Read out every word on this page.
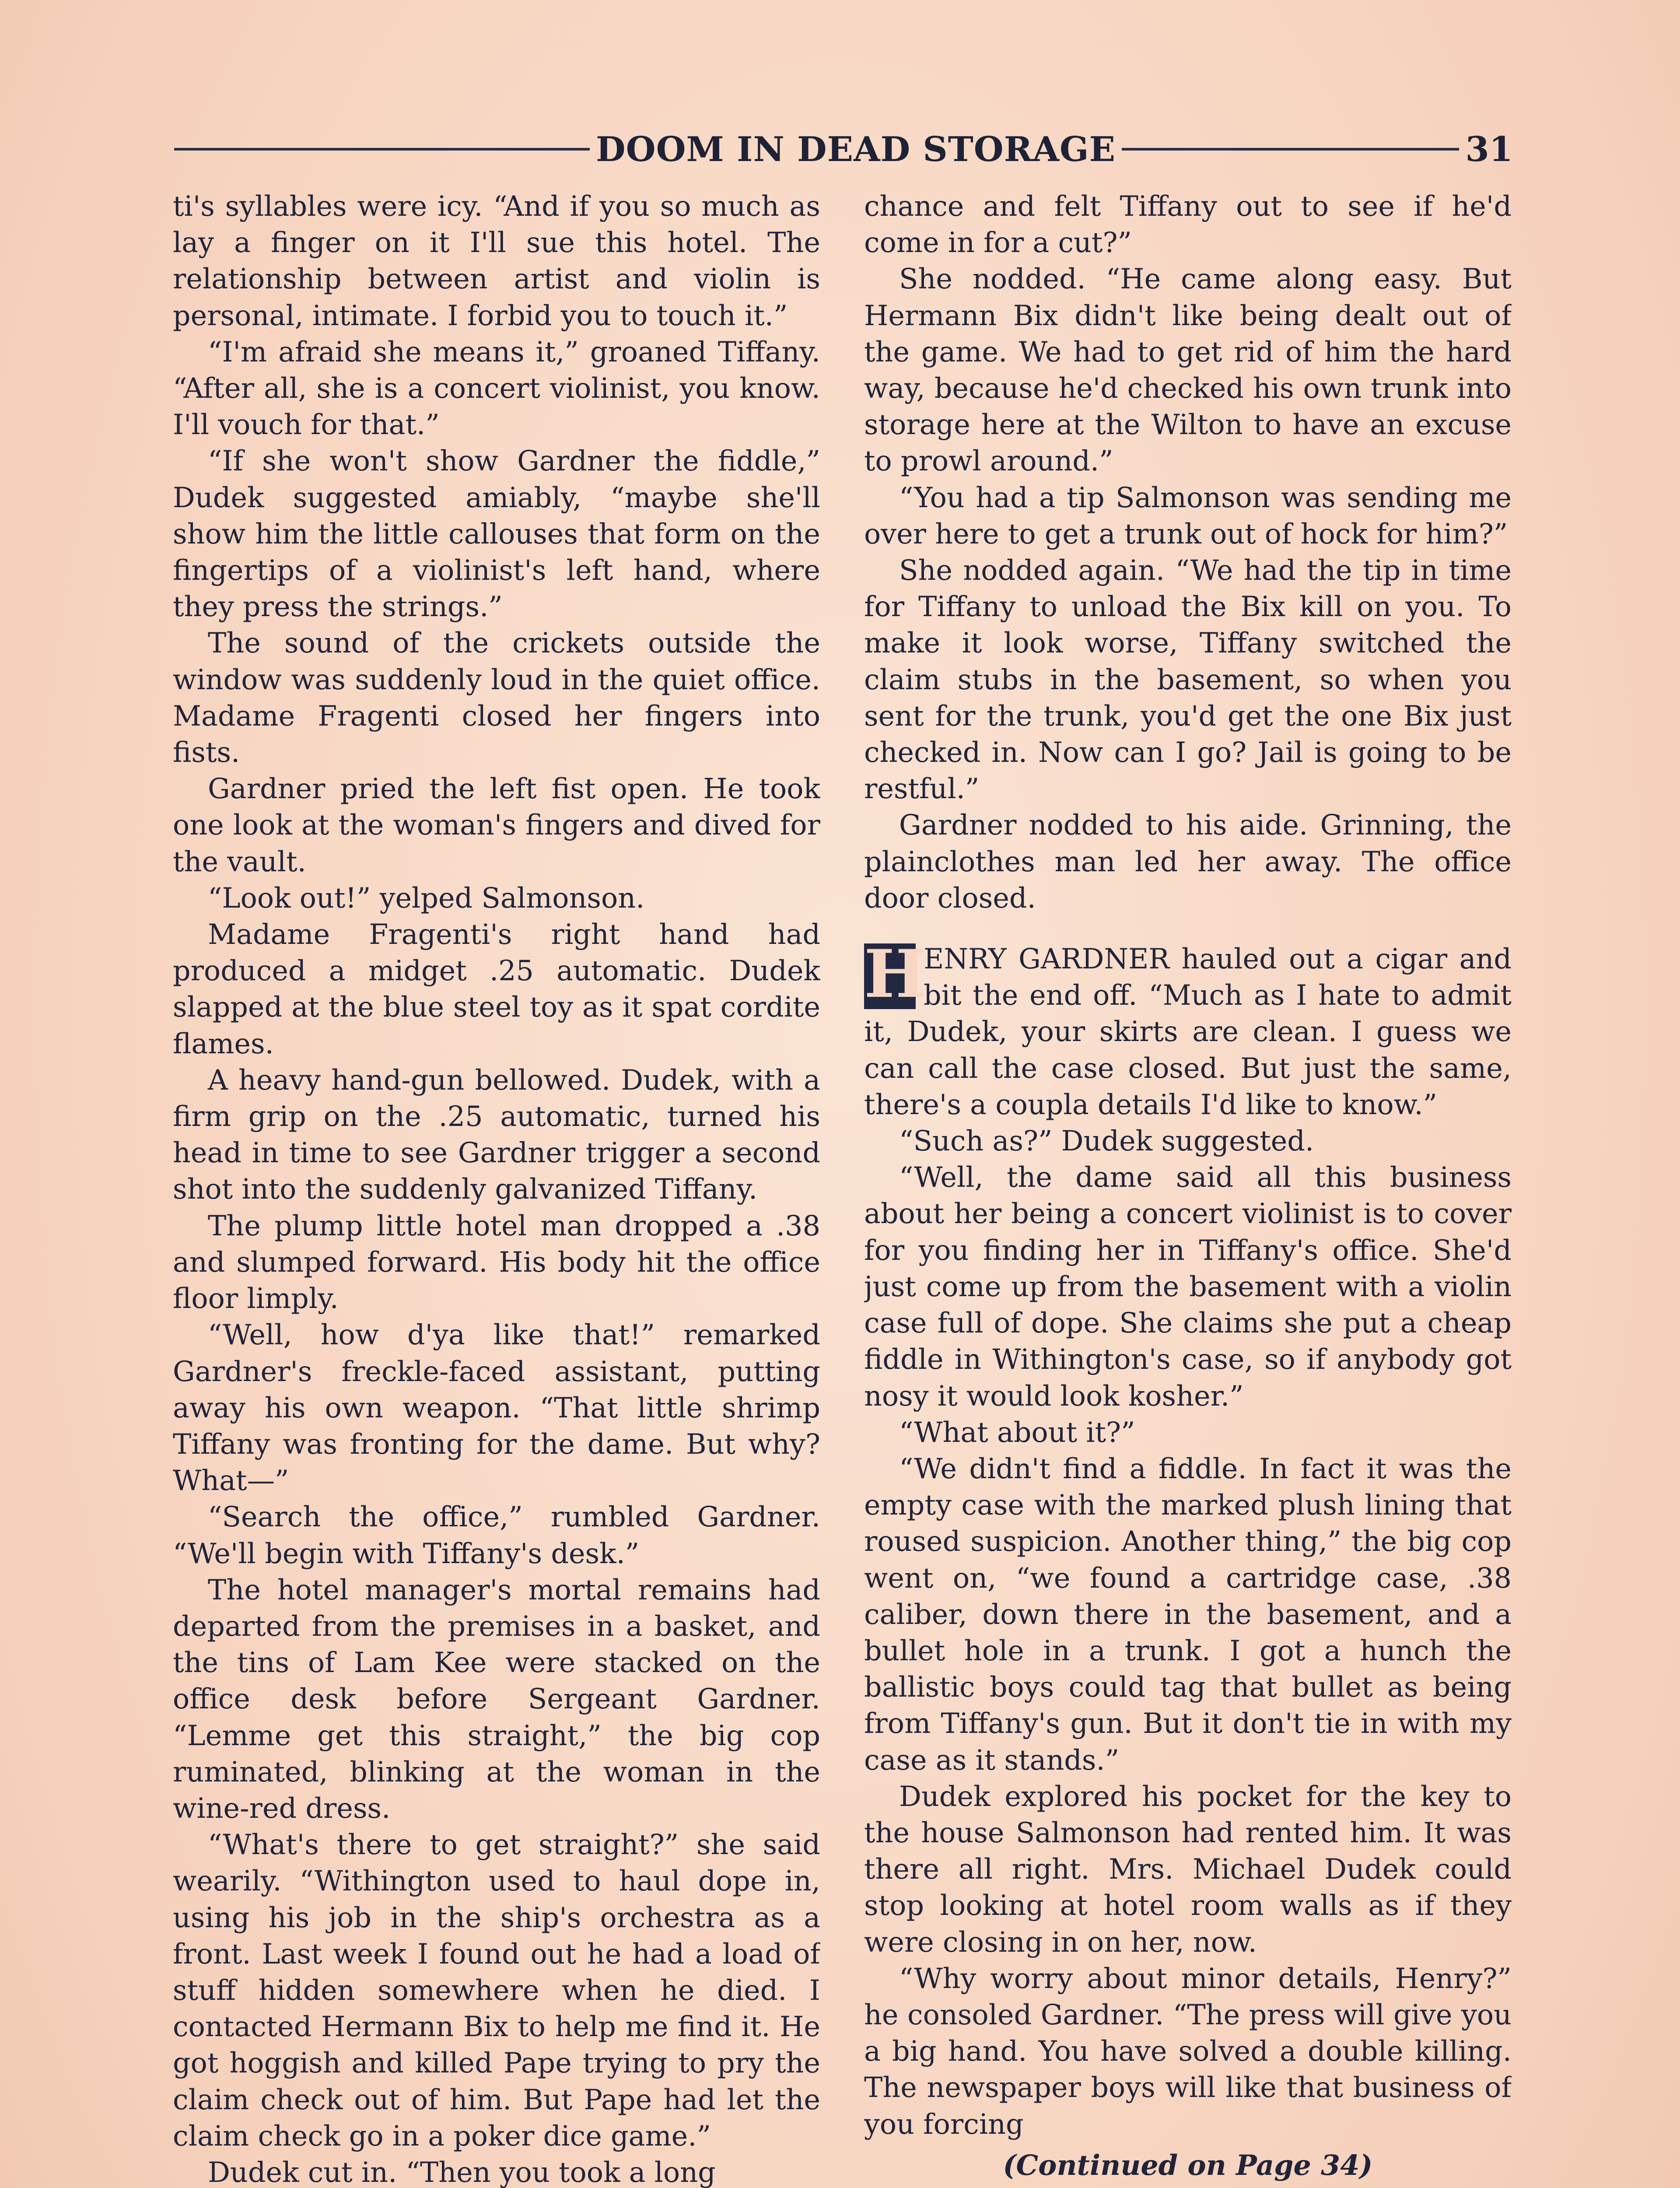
DOOM IN DEAD STORAGE	31

ti's syllables were icy. “And if you so much as lay a finger on it I'll sue this hotel. The relationship between artist and violin is personal, intimate. I forbid you to touch it.”

“I'm afraid she means it,” groaned Tiffany. “After all, she is a concert violinist, you know. I'll vouch for that.”

“If she won't show Gardner the fiddle,” Dudek suggested amiably, “maybe she'll show him the little callouses that form on the fingertips of a violinist's left hand, where they press the strings.”

The sound of the crickets outside the window was suddenly loud in the quiet office. Madame Fragenti closed her fingers into fists.

Gardner pried the left fist open. He took one look at the woman's fingers and dived for the vault.

“Look out!” yelped Salmonson.

Madame Fragenti's right hand had produced a midget .25 automatic. Dudek slapped at the blue steel toy as it spat cordite flames.

A heavy hand-gun bellowed. Dudek, with a firm grip on the .25 automatic, turned his head in time to see Gardner trigger a second shot into the suddenly galvanized Tiffany.

The plump little hotel man dropped a .38 and slumped forward. His body hit the office floor limply.

“Well, how d'ya like that!” remarked Gardner's freckle-faced assistant, putting away his own weapon. “That little shrimp Tiffany was fronting for the dame. But why? What—”

“Search the office,” rumbled Gardner. “We'll begin with Tiffany's desk.”

The hotel manager's mortal remains had departed from the premises in a basket, and the tins of Lam Kee were stacked on the office desk before Sergeant Gardner. “Lemme get this straight,” the big cop ruminated, blinking at the woman in the wine-red dress.

“What's there to get straight?” she said wearily. “Withington used to haul dope in, using his job in the ship's orchestra as a front. Last week I found out he had a load of stuff hidden somewhere when he died. I contacted Hermann Bix to help me find it. He got hoggish and killed Pape trying to pry the claim check out of him. But Pape had let the claim check go in a poker dice game.”

Dudek cut in. “Then you took a long

chance and felt Tiffany out to see if he'd come in for a cut?”

She nodded. “He came along easy. But Hermann Bix didn't like being dealt out of the game. We had to get rid of him the hard way, because he'd checked his own trunk into storage here at the Wilton to have an excuse to prowl around.”

“You had a tip Salmonson was sending me over here to get a trunk out of hock for him?”

She nodded again. “We had the tip in time for Tiffany to unload the Bix kill on you. To make it look worse, Tiffany switched the claim stubs in the basement, so when you sent for the trunk, you'd get the one Bix just checked in. Now can I go? Jail is going to be restful.”

Gardner nodded to his aide. Grinning, the plainclothes man led her away. The office door closed.

H
ENRY GARDNER hauled out a cigar and bit the end off. “Much as I hate to admit it, Dudek, your skirts are clean. I guess we can call the case closed. But just the same, there's a coupla details I'd like to know.”

“Such as?” Dudek suggested.

“Well, the dame said all this business about her being a concert violinist is to cover for you finding her in Tiffany's office. She'd just come up from the basement with a violin case full of dope. She claims she put a cheap fiddle in Withington's case, so if anybody got nosy it would look kosher.”

“What about it?”

“We didn't find a fiddle. In fact it was the empty case with the marked plush lining that roused suspicion. Another thing,” the big cop went on, “we found a cartridge case, .38 caliber, down there in the basement, and a bullet hole in a trunk. I got a hunch the ballistic boys could tag that bullet as being from Tiffany's gun. But it don't tie in with my case as it stands.”

Dudek explored his pocket for the key to the house Salmonson had rented him. It was there all right. Mrs. Michael Dudek could stop looking at hotel room walls as if they were closing in on her, now.

“Why worry about minor details, Henry?” he consoled Gardner. “The press will give you a big hand. You have solved a double killing. The newspaper boys will like that business of you forcing

(Continued on Page 34)
